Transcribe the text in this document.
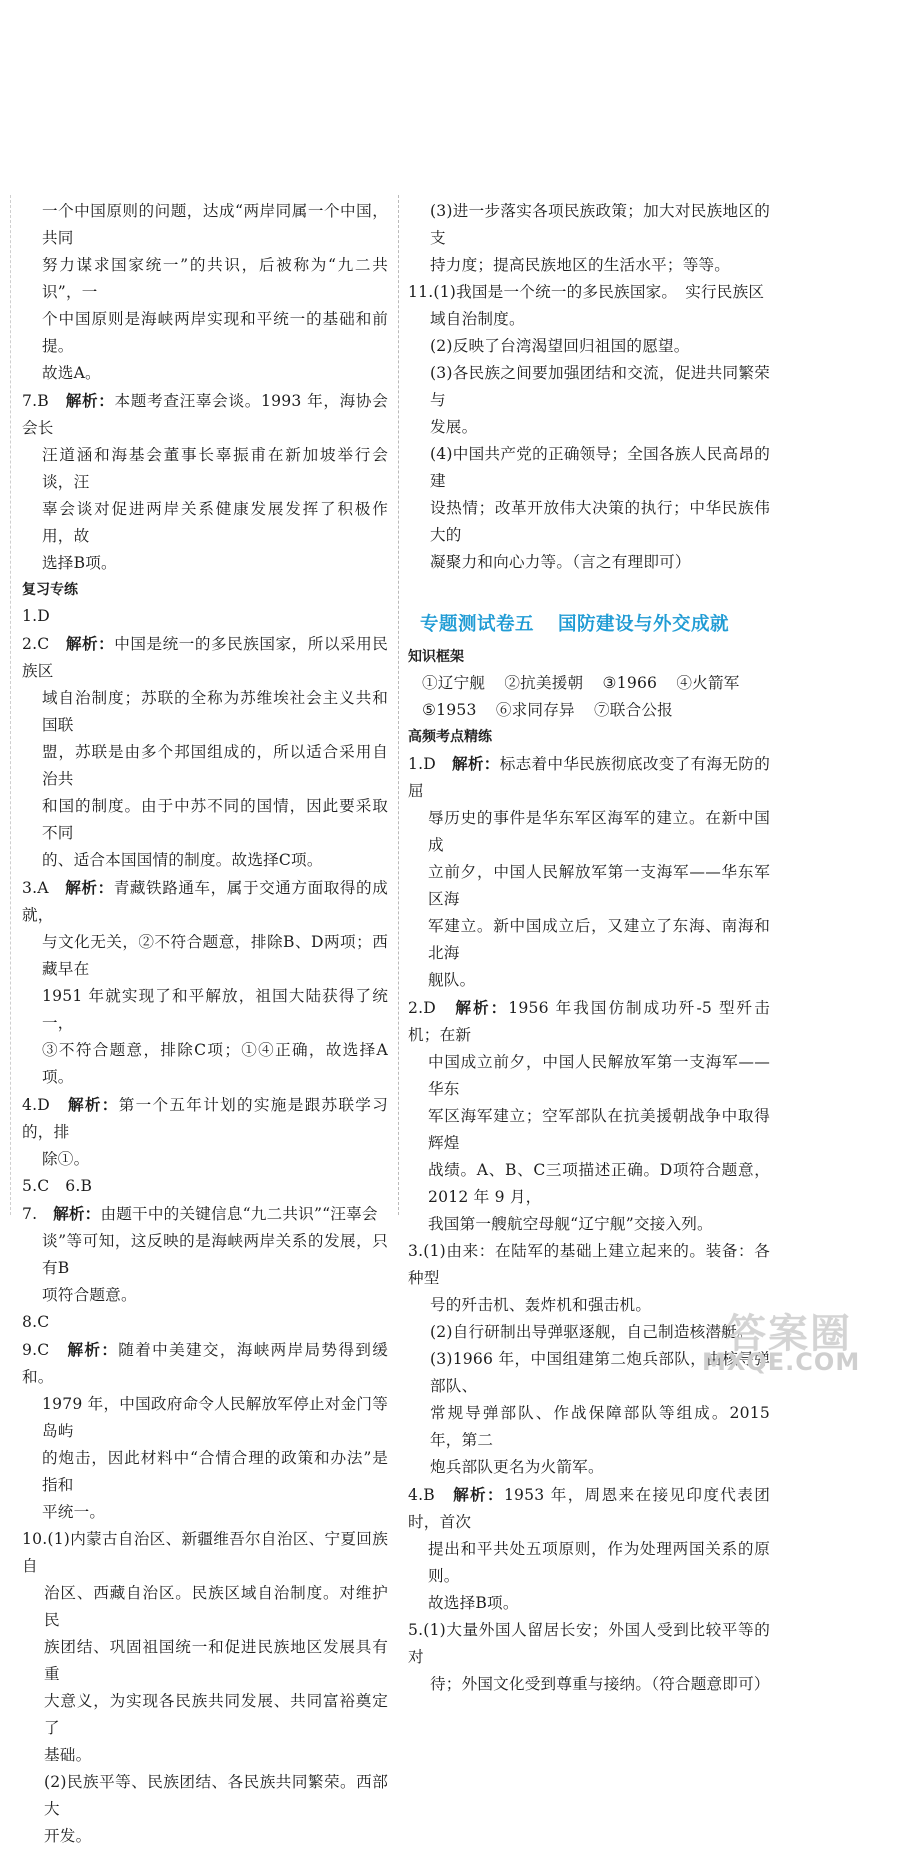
一个中国原则的问题，达成“两岸同属一个中国，共同

努力谋求国家统一”的共识，后被称为“九二共识”，一

个中国原则是海峡两岸实现和平统一的基础和前提。

故选A。

7.B　 解析：本题考查汪辜会谈。1993 年，海协会会长

汪道涵和海基会董事长辜振甫在新加坡举行会谈，汪

辜会谈对促进两岸关系健康发展发挥了积极作用，故

选择B项。

复习专练

1.D

2.C　 解析：中国是统一的多民族国家，所以采用民族区

域自治制度；苏联的全称为苏维埃社会主义共和国联

盟，苏联是由多个邦国组成的，所以适合采用自治共

和国的制度。由于中苏不同的国情，因此要采取不同

的、适合本国国情的制度。故选择C项。

3.A　 解析：青藏铁路通车，属于交通方面取得的成就，

与文化无关，②不符合题意，排除B、D两项；西藏早在

1951 年就实现了和平解放，祖国大陆获得了统一，

③不符合题意，排除C项；①④正确，故选择A项。

4.D　 解析：第一个五年计划的实施是跟苏联学习的，排

除①。

5.C　6.B

7.　 解析：由题干中的关键信息“九二共识”“汪辜会

谈”等可知，这反映的是海峡两岸关系的发展，只有B

项符合题意。

8.C

9.C　 解析：随着中美建交，海峡两岸局势得到缓和。

1979 年，中国政府命令人民解放军停止对金门等岛屿

的炮击，因此材料中“合情合理的政策和办法”是指和

平统一。

10.(1)内蒙古自治区、新疆维吾尔自治区、宁夏回族自

治区、西藏自治区。民族区域自治制度。对维护民

族团结、巩固祖国统一和促进民族地区发展具有重

大意义，为实现各民族共同发展、共同富裕奠定了

基础。

(2)民族平等、民族团结、各民族共同繁荣。西部大

开发。

(3)进一步落实各项民族政策；加大对民族地区的支

持力度；提高民族地区的生活水平；等等。

11.(1)我国是一个统一的多民族国家。　实行民族区

域自治制度。

(2)反映了台湾渴望回归祖国的愿望。

(3)各民族之间要加强团结和交流，促进共同繁荣与

发展。

(4)中国共产党的正确领导；全国各族人民高昂的建

设热情；改革开放伟大决策的执行；中华民族伟大的

凝聚力和向心力等。（言之有理即可）

专题测试卷五 国防建设与外交成就

知识框架

①辽宁舰 ②抗美援朝 ③1966 ④火箭军

⑤1953 ⑥求同存异 ⑦联合公报

高频考点精练

1.D　 解析：标志着中华民族彻底改变了有海无防的屈

辱历史的事件是华东军区海军的建立。在新中国成

立前夕，中国人民解放军第一支海军——华东军区海

军建立。新中国成立后，又建立了东海、南海和北海

舰队。

2.D　 解析：1956 年我国仿制成功歼-5 型歼击机；在新

中国成立前夕，中国人民解放军第一支海军——华东

军区海军建立；空军部队在抗美援朝战争中取得辉煌

战绩。A、B、C三项描述正确。D项符合题意，2012 年 9 月，

我国第一艘航空母舰“辽宁舰”交接入列。

3.(1)由来：在陆军的基础上建立起来的。装备：各种型

号的歼击机、轰炸机和强击机。

(2)自行研制出导弹驱逐舰，自己制造核潜艇。

(3)1966 年，中国组建第二炮兵部队，由核导弹部队、

常规导弹部队、作战保障部队等组成。2015 年，第二

炮兵部队更名为火箭军。

4.B　 解析：1953 年，周恩来在接见印度代表团时，首次

提出和平共处五项原则，作为处理两国关系的原则。

故选择B项。

5.(1)大量外国人留居长安；外国人受到比较平等的对

待；外国文化受到尊重与接纳。（符合题意即可）

答案圈
MXQE.COM
